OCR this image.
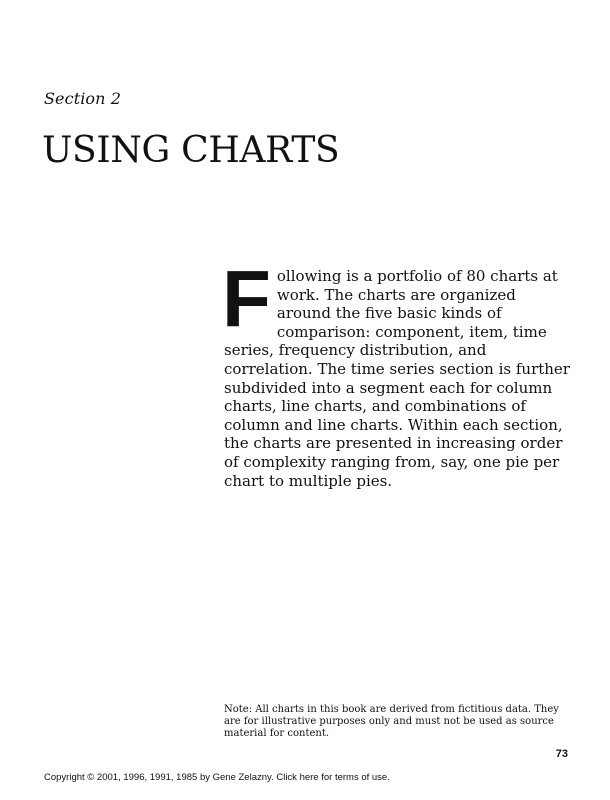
Section 2
USING CHARTS

Following is a portfolio of 80 charts at work. The charts are organized around the five basic kinds of comparison: component, item, time series, frequency distribution, and correlation. The time series section is further subdivided into a segment each for column charts, line charts, and combinations of column and line charts. Within each section, the charts are presented in increasing order of complexity ranging from, say, one pie per chart to multiple pies.

Note: All charts in this book are derived from fictitious data. They are for illustrative purposes only and must not be used as source material for content.

73
Copyright © 2001, 1996, 1991, 1985 by Gene Zelazny. Click here for terms of use.
